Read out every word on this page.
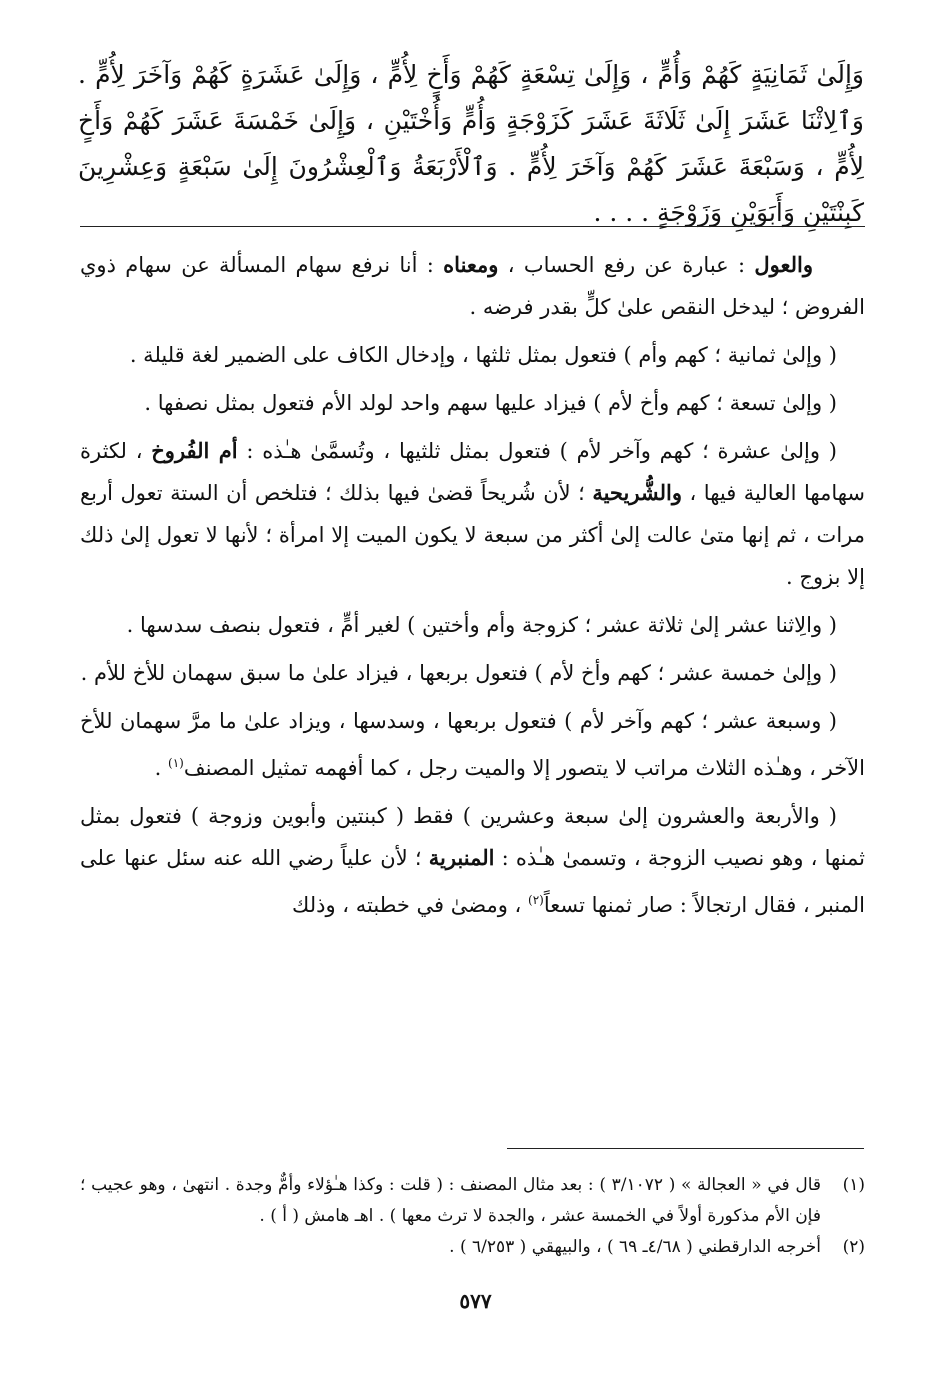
وَإِلَىٰ ثَمَانِيَةٍ كَهُمْ وَأُمٍّ ، وَإِلَىٰ تِسْعَةٍ كَهُمْ وَأَخٍ لِأُمٍّ ، وَإِلَىٰ عَشَرَةٍ كَهُمْ وَآخَرَ لِأُمٍّ . وَٱلِاثْنَا عَشَرَ إِلَىٰ ثَلَاثَةَ عَشَرَ كَزَوْجَةٍ وَأُمٍّ وَأُخْتَيْنِ ، وَإِلَىٰ خَمْسَةَ عَشَرَ كَهُمْ وَأَخٍ لِأُمٍّ ، وَسَبْعَةَ عَشَرَ كَهُمْ وَآخَرَ لِأُمٍّ . وَٱلْأَرْبَعَةُ وَٱلْعِشْرُونَ إِلَىٰ سَبْعَةٍ وَعِشْرِينَ كَبِنْتَيْنِ وَأَبَوَيْنِ وَزَوْجَةٍ . . . .

والعول : عبارة عن رفع الحساب ، ومعناه : أنا نرفع سهام المسألة عن سهام ذوي الفروض ؛ ليدخل النقص علىٰ كلٍّ بقدر فرضه .

( وإلىٰ ثمانية ؛ كهم وأم ) فتعول بمثل ثلثها ، وإدخال الكاف على الضمير لغة قليلة .

( وإلىٰ تسعة ؛ كهم وأخ لأم ) فيزاد عليها سهم واحد لولد الأم فتعول بمثل نصفها .

( وإلىٰ عشرة ؛ كهم وآخر لأم ) فتعول بمثل ثلثيها ، وتُسمَّىٰ هـٰذه : أم الفُروخ ، لكثرة سهامها العالية فيها ، والشُّريحية ؛ لأن شُريحاً قضىٰ فيها بذلك ؛ فتلخص أن الستة تعول أربع مرات ، ثم إنها متىٰ عالت إلىٰ أكثر من سبعة لا يكون الميت إلا امرأة ؛ لأنها لا تعول إلىٰ ذلك إلا بزوج .

( والِاثنا عشر إلىٰ ثلاثة عشر ؛ كزوجة وأم وأختين ) لغير أمٍّ ، فتعول بنصف سدسها .

( وإلىٰ خمسة عشر ؛ كهم وأخ لأم ) فتعول بربعها ، فيزاد علىٰ ما سبق سهمان للأخ للأم .

( وسبعة عشر ؛ كهم وآخر لأم ) فتعول بربعها ، وسدسها ، ويزاد علىٰ ما مرَّ سهمان للأخ الآخر ، وهـٰذه الثلاث مراتب لا يتصور إلا والميت رجل ، كما أفهمه تمثيل المصنف$^{(١)}$ .

( والأربعة والعشرون إلىٰ سبعة وعشرين ) فقط ( كبنتين وأبوين وزوجة ) فتعول بمثل ثمنها ، وهو نصيب الزوجة ، وتسمىٰ هـٰذه : المنبرية ؛ لأن علياً رضي الله عنه سئل عنها على المنبر ، فقال ارتجالاً : صار ثمنها تسعاً$^{(٢)}$ ، ومضىٰ في خطبته ، وذلك

(١)
قال في « العجالة » ( ٣/١٠٧٢ ) : بعد مثال المصنف : ( قلت : وكذا هـٰؤلاء وأمٌّ وجدة . انتهىٰ ، وهو عجيب ؛ فإن الأم مذكورة أولاً في الخمسة عشر ، والجدة لا ترث معها ) . اهـ هامش ( أ ) .
(٢)
أخرجه الدارقطني ( ٤/٦٨ـ ٦٩ ) ، والبيهقي ( ٦/٢٥٣ ) .
٥٧٧
